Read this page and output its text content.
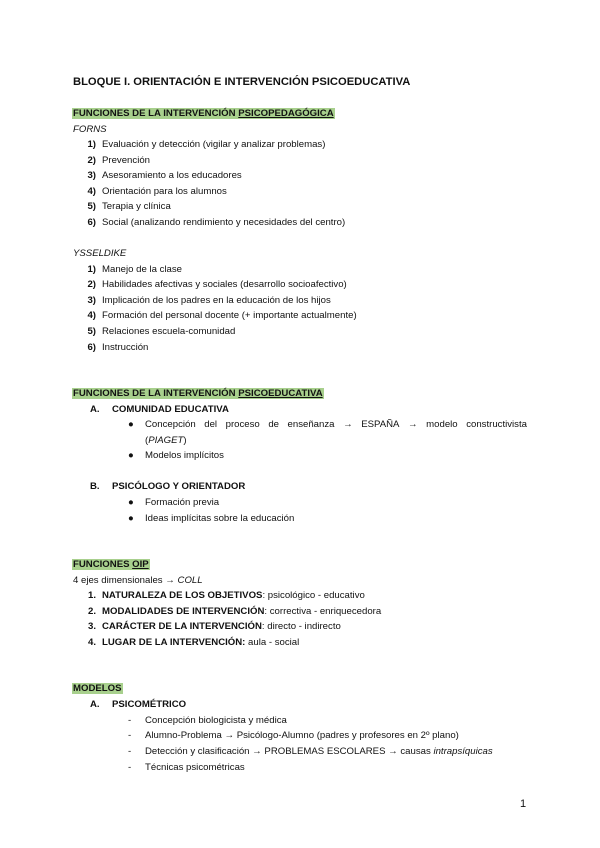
BLOQUE I. ORIENTACIÓN E INTERVENCIÓN PSICOEDUCATIVA
FUNCIONES DE LA INTERVENCIÓN PSICOPEDAGÓGICA
FORNS
1) Evaluación y detección (vigilar y analizar problemas)
2) Prevención
3) Asesoramiento a los educadores
4) Orientación para los alumnos
5) Terapia y clínica
6) Social (analizando rendimiento y necesidades del centro)
YSSELDIKE
1) Manejo de la clase
2) Habilidades afectivas y sociales (desarrollo socioafectivo)
3) Implicación de los padres en la educación de los hijos
4) Formación del personal docente (+ importante actualmente)
5) Relaciones escuela-comunidad
6) Instrucción
FUNCIONES DE LA INTERVENCIÓN PSICOEDUCATIVA
A. COMUNIDAD EDUCATIVA
● Concepción del proceso de enseñanza → ESPAÑA → modelo constructivista
(PIAGET)
● Modelos implícitos
B. PSICÓLOGO Y ORIENTADOR
● Formación previa
● Ideas implícitas sobre la educación
FUNCIONES OIP
4 ejes dimensionales → COLL
1. NATURALEZA DE LOS OBJETIVOS: psicológico - educativo
2. MODALIDADES DE INTERVENCIÓN: correctiva - enriquecedora
3. CARÁCTER DE LA INTERVENCIÓN: directo - indirecto
4. LUGAR DE LA INTERVENCIÓN: aula - social
MODELOS
A. PSICOMÉTRICO
- Concepción biologicista y médica
- Alumno-Problema → Psicólogo-Alumno (padres y profesores en 2º plano)
- Detección y clasificación → PROBLEMAS ESCOLARES → causas intrapsíquicas
- Técnicas psicométricas
1
